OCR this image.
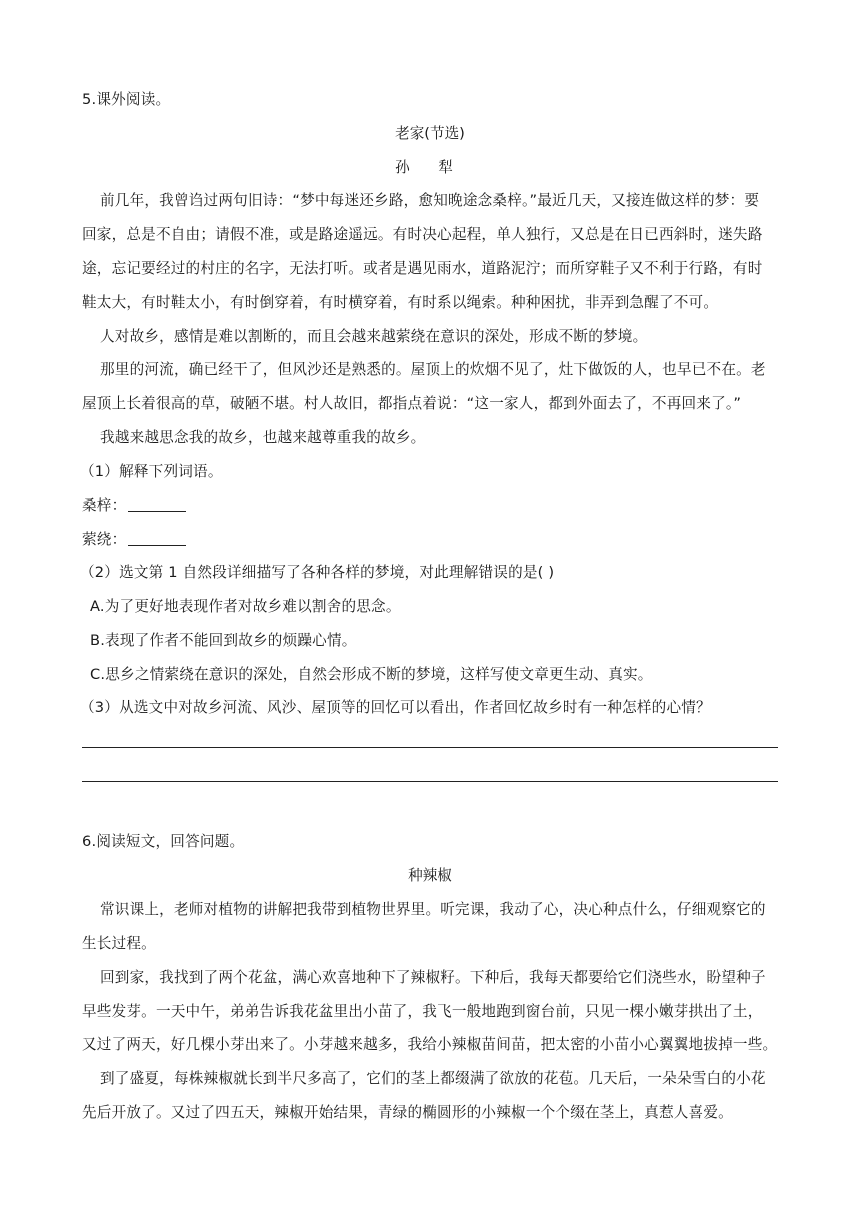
5.课外阅读。
老家(节选)
孙 犁
前几年，我曾诌过两句旧诗：“梦中每迷还乡路，愈知晚途念桑梓。”最近几天，又接连做这样的梦：要
回家，总是不自由；请假不准，或是路途遥远。有时决心起程，单人独行，又总是在日已西斜时，迷失路
途，忘记要经过的村庄的名字，无法打听。或者是遇见雨水，道路泥泞；而所穿鞋子又不利于行路，有时
鞋太大，有时鞋太小，有时倒穿着，有时横穿着，有时系以绳索。种种困扰，非弄到急醒了不可。
人对故乡，感情是难以割断的，而且会越来越萦绕在意识的深处，形成不断的梦境。
那里的河流，确已经干了，但风沙还是熟悉的。屋顶上的炊烟不见了，灶下做饭的人，也早已不在。老
屋顶上长着很高的草，破陋不堪。村人故旧，都指点着说：“这一家人，都到外面去了，不再回来了。”
我越来越思念我的故乡，也越来越尊重我的故乡。
（1）解释下列词语。
桑梓：
萦绕：
（2）选文第 1 自然段详细描写了各种各样的梦境，对此理解错误的是( )
A.为了更好地表现作者对故乡难以割舍的思念。
B.表现了作者不能回到故乡的烦躁心情。
C.思乡之情萦绕在意识的深处，自然会形成不断的梦境，这样写使文章更生动、真实。
（3）从选文中对故乡河流、风沙、屋顶等的回忆可以看出，作者回忆故乡时有一种怎样的心情？
6.阅读短文，回答问题。
种辣椒
常识课上，老师对植物的讲解把我带到植物世界里。听完课，我动了心，决心种点什么，仔细观察它的
生长过程。
回到家，我找到了两个花盆，满心欢喜地种下了辣椒籽。下种后，我每天都要给它们浇些水，盼望种子
早些发芽。一天中午，弟弟告诉我花盆里出小苗了，我飞一般地跑到窗台前，只见一棵小嫩芽拱出了土，
又过了两天，好几棵小芽出来了。小芽越来越多，我给小辣椒苗间苗，把太密的小苗小心翼翼地拔掉一些。
到了盛夏，每株辣椒就长到半尺多高了，它们的茎上都缀满了欲放的花苞。几天后，一朵朵雪白的小花
先后开放了。又过了四五天，辣椒开始结果，青绿的椭圆形的小辣椒一个个缀在茎上，真惹人喜爱。
